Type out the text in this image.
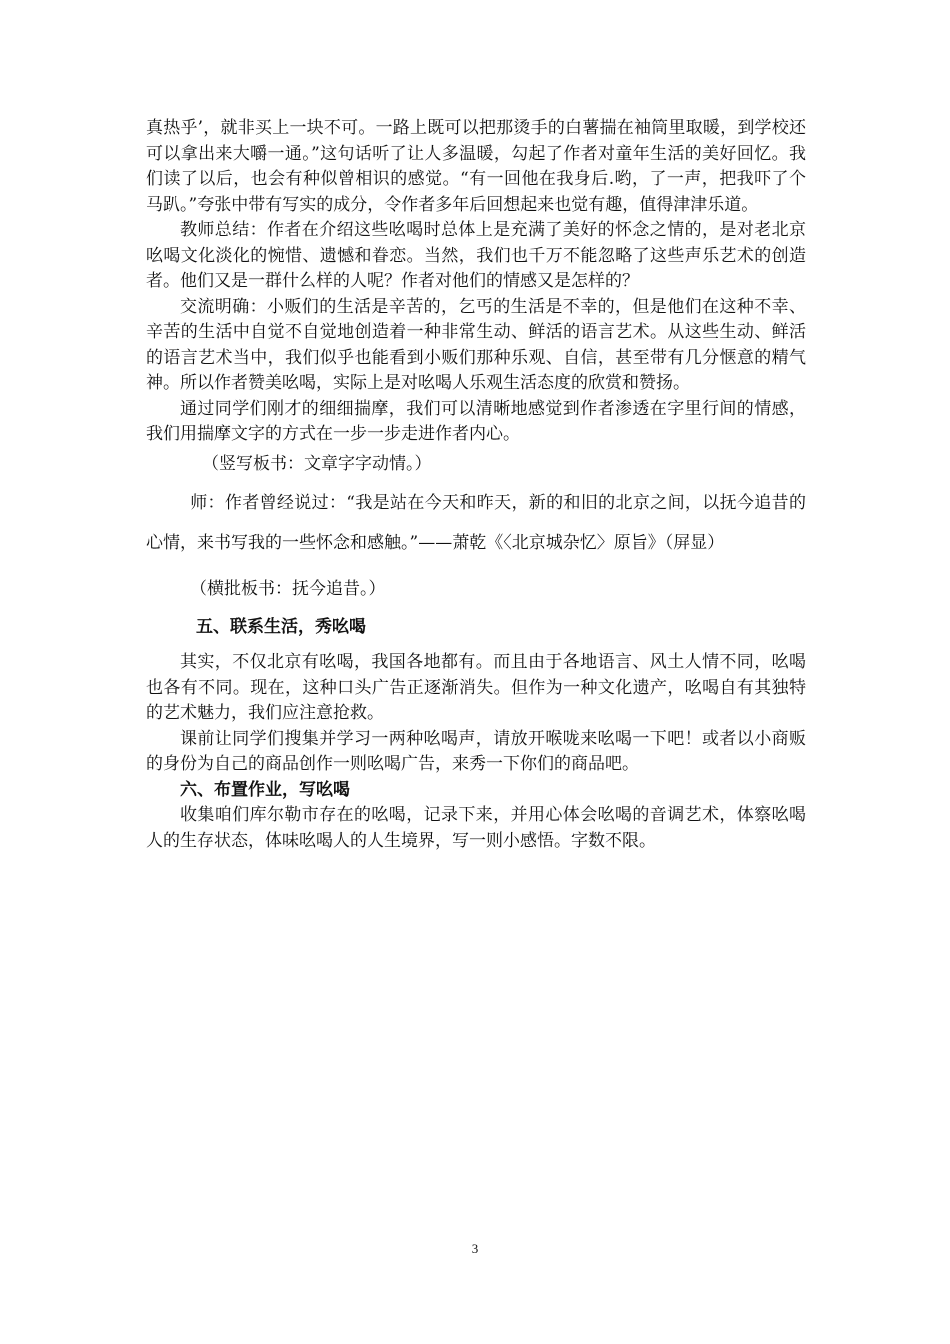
真热乎’，就非买上一块不可。一路上既可以把那烫手的白薯揣在袖筒里取暖，到学校还可以拿出来大嚼一通。”这句话听了让人多温暖，勾起了作者对童年生活的美好回忆。我们读了以后，也会有种似曾相识的感觉。“有一回他在我身后.哟，了一声，把我吓了个马趴。”夸张中带有写实的成分，令作者多年后回想起来也觉有趣，值得津津乐道。

教师总结：作者在介绍这些吆喝时总体上是充满了美好的怀念之情的，是对老北京吆喝文化淡化的惋惜、遗憾和眷恋。当然，我们也千万不能忽略了这些声乐艺术的创造者。他们又是一群什么样的人呢？作者对他们的情感又是怎样的？

交流明确：小贩们的生活是辛苦的，乞丐的生活是不幸的，但是他们在这种不幸、辛苦的生活中自觉不自觉地创造着一种非常生动、鲜活的语言艺术。从这些生动、鲜活的语言艺术当中，我们似乎也能看到小贩们那种乐观、自信，甚至带有几分惬意的精气神。所以作者赞美吆喝，实际上是对吆喝人乐观生活态度的欣赏和赞扬。

通过同学们刚才的细细揣摩，我们可以清晰地感觉到作者渗透在字里行间的情感，我们用揣摩文字的方式在一步一步走进作者内心。

（竖写板书：文章字字动情。）

师：作者曾经说过：“我是站在今天和昨天，新的和旧的北京之间，以抚今追昔的心情，来书写我的一些怀念和感触。”——萧乾《〈北京城杂忆〉原旨》（屏显）

（横批板书：抚今追昔。）

五、联系生活，秀吆喝

其实，不仅北京有吆喝，我国各地都有。而且由于各地语言、风土人情不同，吆喝也各有不同。现在，这种口头广告正逐渐消失。但作为一种文化遗产，吆喝自有其独特的艺术魅力，我们应注意抢救。

课前让同学们搜集并学习一两种吆喝声，请放开喉咙来吆喝一下吧！或者以小商贩的身份为自己的商品创作一则吆喝广告，来秀一下你们的商品吧。

六、布置作业，写吆喝

收集咱们库尔勒市存在的吆喝，记录下来，并用心体会吆喝的音调艺术，体察吆喝人的生存状态，体味吆喝人的人生境界，写一则小感悟。字数不限。

3
